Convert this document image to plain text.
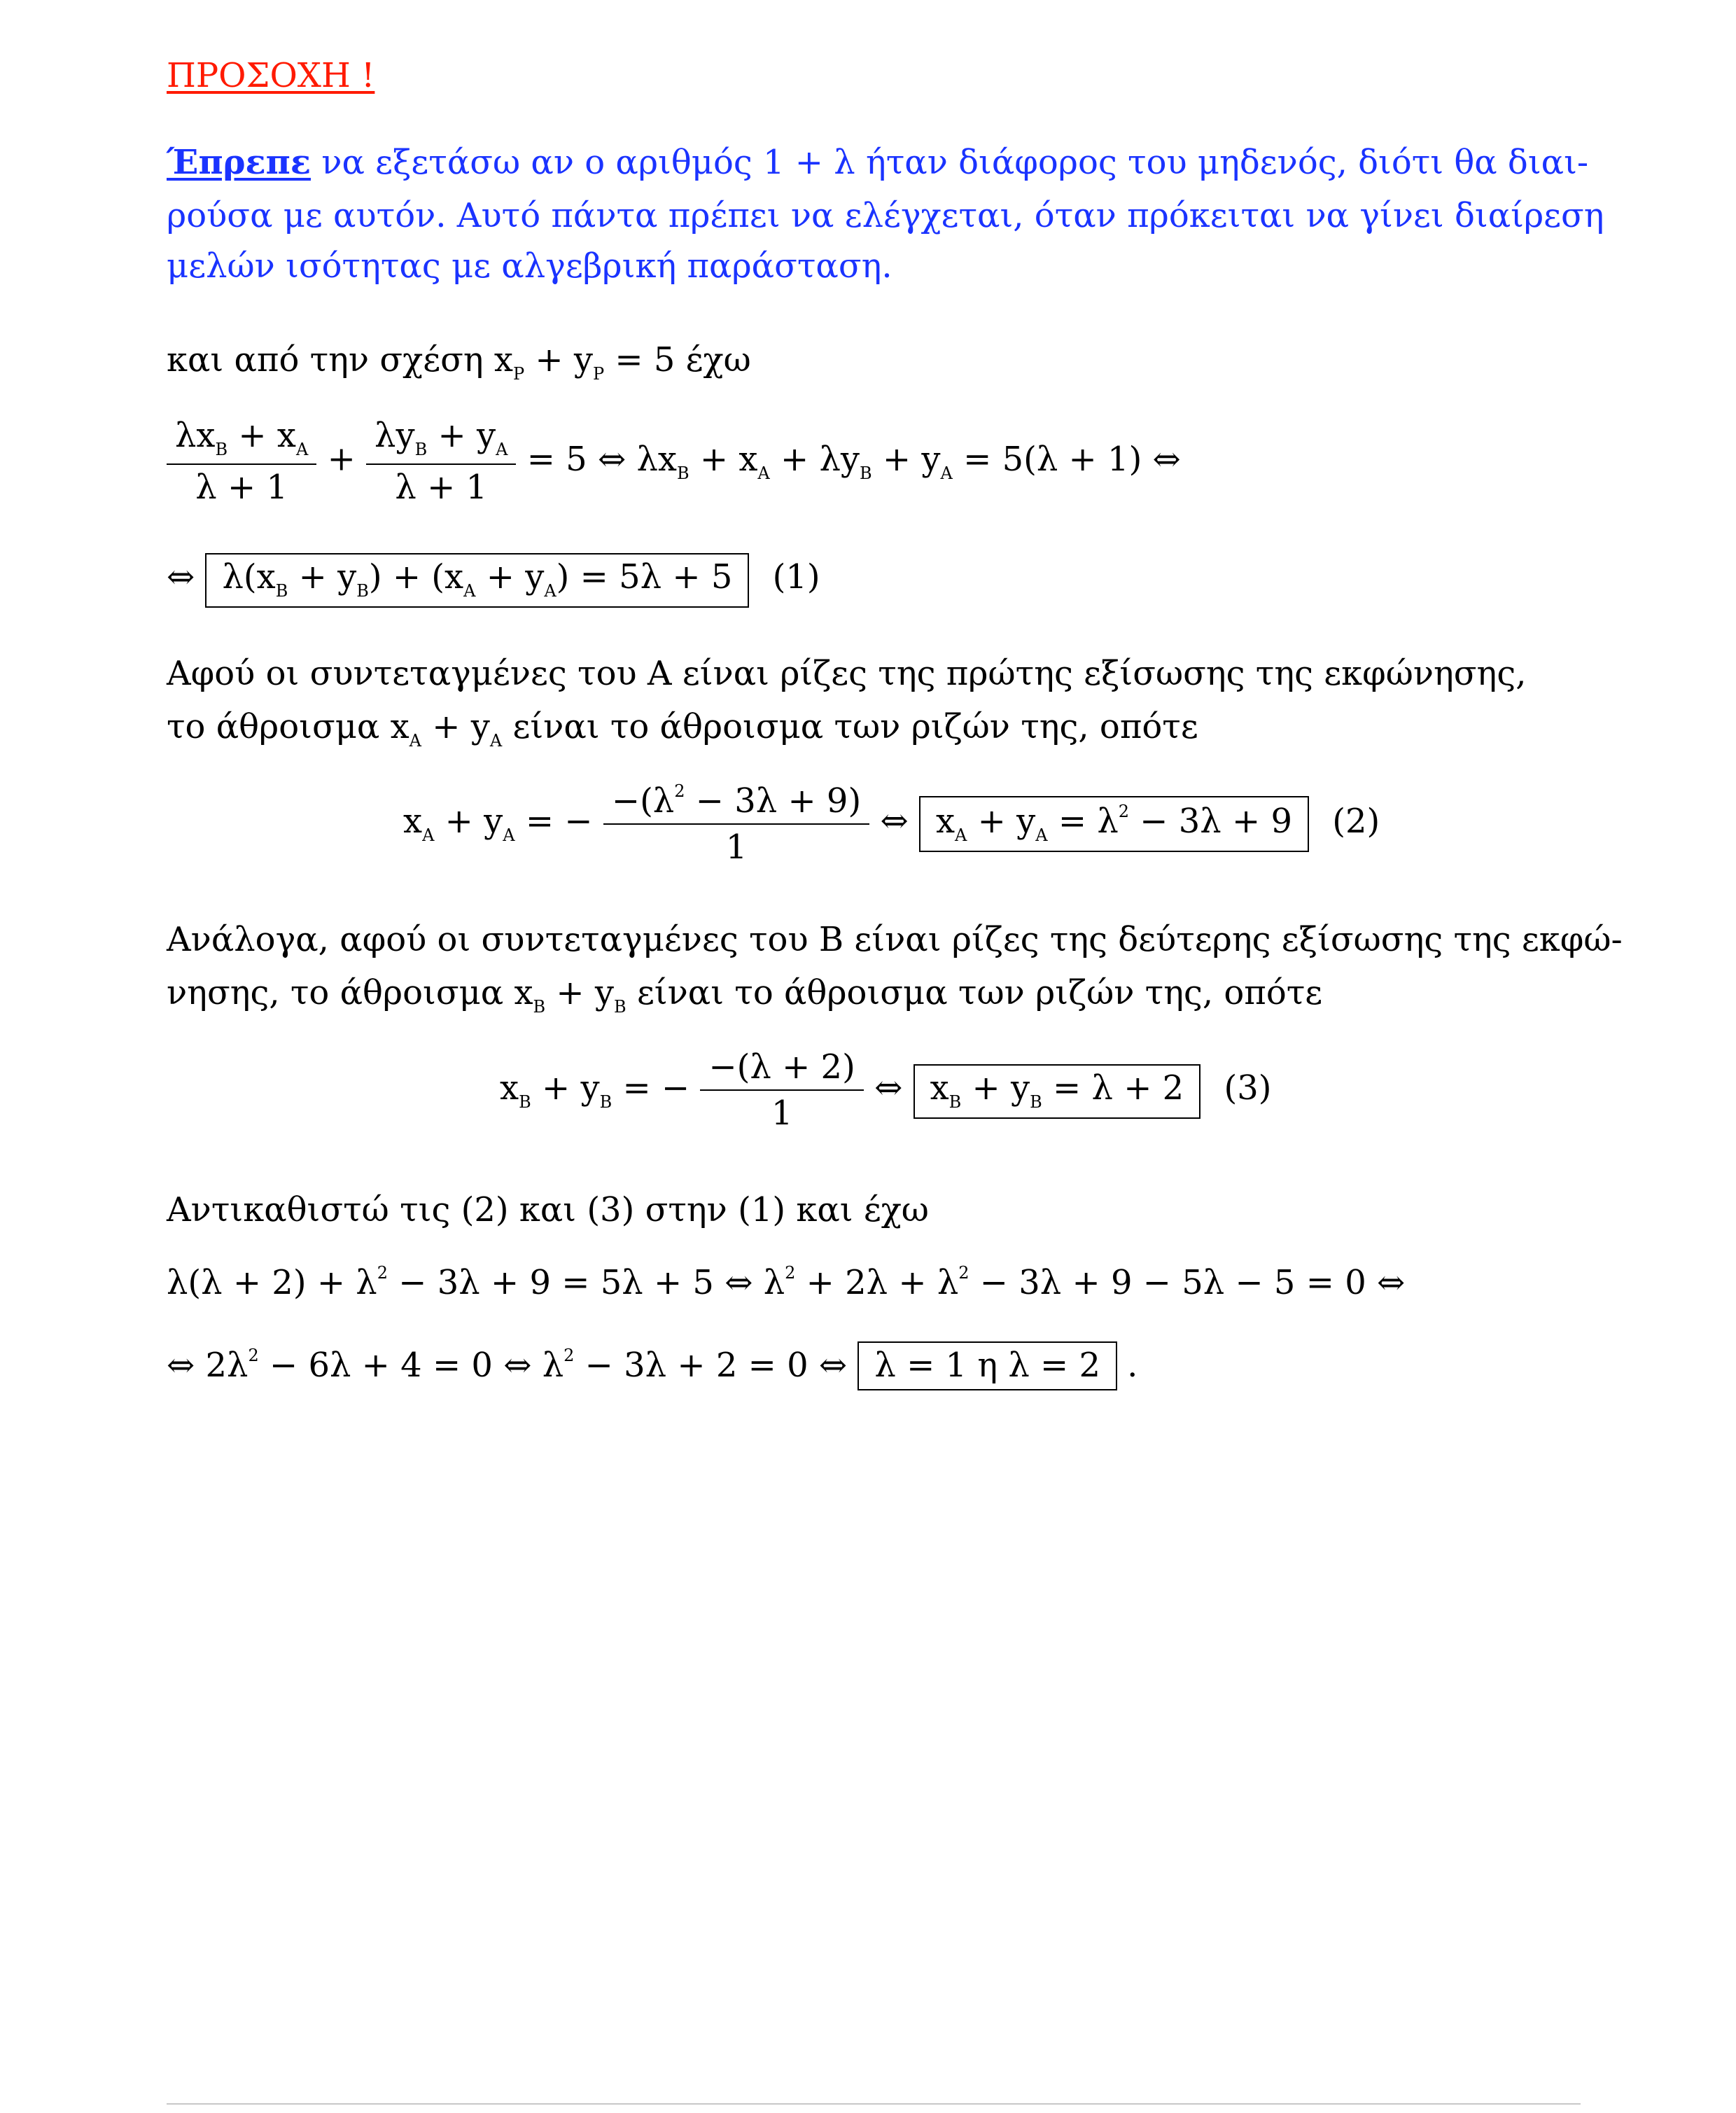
ΠΡΟΣΟΧΗ !
Έπρεπε να εξετάσω αν ο αριθμός 1 + λ ήταν διάφορος του μηδενός, διότι θα διαι-
ρούσα με αυτόν. Αυτό πάντα πρέπει να ελέγχεται, όταν πρόκειται να γίνει διαίρεση
μελών ισότητας με αλγεβρική παράσταση.
και από την σχέση $x_P + y_P = 5$ έχω
$\frac{\lambda x_B + x_A}{\lambda + 1} + \frac{\lambda y_B + y_A}{\lambda + 1} = 5$ ⇔ $\lambda x_B + x_A + \lambda y_B + y_A = 5(\lambda + 1)$ ⇔
⇔ $\lambda(x_B + y_B) + (x_A + y_A) = 5\lambda + 5$ (1)
Αφού οι συντεταγμένες του Α είναι ρίζες της πρώτης εξίσωσης της εκφώνησης,
το άθροισμα $x_A + y_A$ είναι το άθροισμα των ριζών της, οπότε
$x_A + y_A$ = − $\frac{-(\lambda^2 - 3\lambda + 9)}{1}$ ⇔ $x_A + y_A = \lambda^2 - 3\lambda + 9$ (2)
Ανάλογα, αφού οι συντεταγμένες του Β είναι ρίζες της δεύτερης εξίσωσης της εκφώ-
νησης, το άθροισμα $x_B + y_B$ είναι το άθροισμα των ριζών της, οπότε
$x_B + y_B$ = − $\frac{-(\lambda + 2)}{1}$ ⇔ $x_B + y_B = \lambda + 2$ (3)
Αντικαθιστώ τις (2) και (3) στην (1) και έχω
$\lambda(\lambda + 2) + \lambda^2 - 3\lambda + 9 = 5\lambda + 5$ ⇔ $\lambda^2 + 2\lambda + \lambda^2 - 3\lambda + 9 - 5\lambda - 5 = 0$ ⇔
⇔ $2\lambda^2 - 6\lambda + 4 = 0$ ⇔ $\lambda^2 - 3\lambda + 2 = 0$ ⇔ λ = 1 η λ = 2 .
